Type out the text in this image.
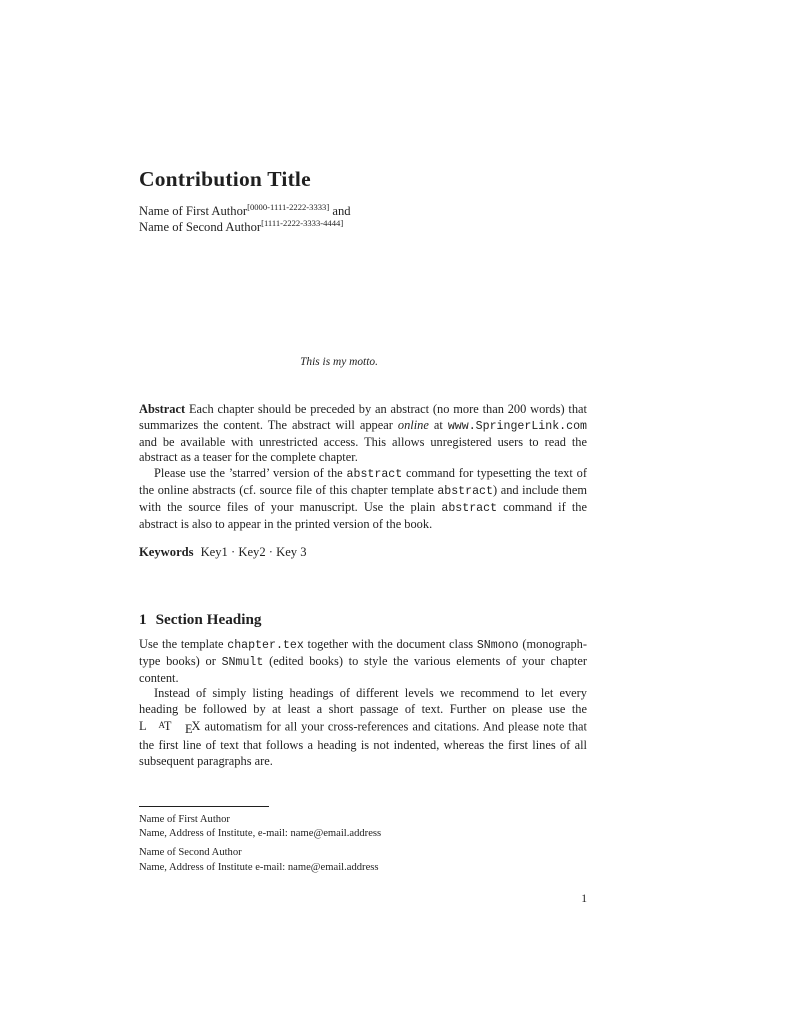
Contribution Title
Name of First Author[0000-1111-2222-3333] and
Name of Second Author[1111-2222-3333-4444]
This is my motto.

Abstract Each chapter should be preceded by an abstract (no more than 200 words) that summarizes the content. The abstract will appear online at www.SpringerLink.com and be available with unrestricted access. This allows unregistered users to read the abstract as a teaser for the complete chapter.

Please use the ’starred’ version of the abstract command for typesetting the text of the online abstracts (cf. source file of this chapter template abstract) and include them with the source files of your manuscript. Use the plain abstract command if the abstract is also to appear in the printed version of the book.

Keywords Key1 · Key2 · Key 3
1 Section Heading

Use the template chapter.tex together with the document class SNmono (monograph-type books) or SNmult (edited books) to style the various elements of your chapter content.

Instead of simply listing headings of different levels we recommend to let every heading be followed by at least a short passage of text. Further on please use the L AT EX automatism for all your cross-references and citations. And please note that the first line of text that follows a heading is not indented, whereas the first lines of all subsequent paragraphs are.

Name of First Author

Name, Address of Institute, e-mail: name@email.address

Name of Second Author

Name, Address of Institute e-mail: name@email.address

1
